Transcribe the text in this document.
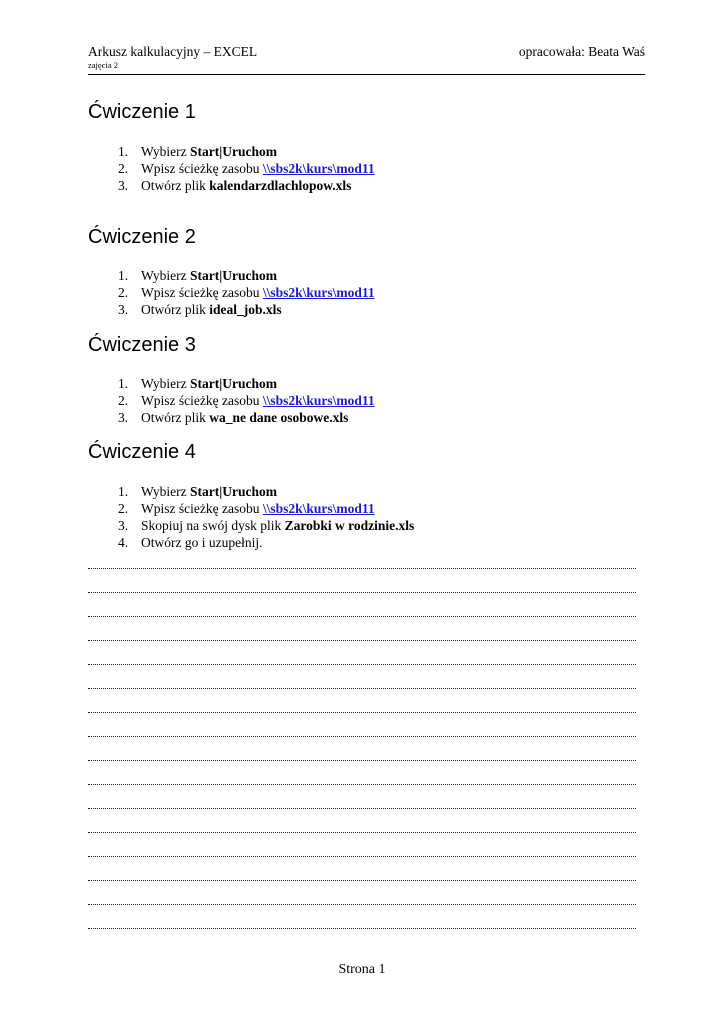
Arkusz kalkulacyjny – EXCEL
zajęcia 2
opracowała: Beata Waś
Ćwiczenie 1
1. Wybierz Start|Uruchom
2. Wpisz ścieżkę zasobu \\sbs2k\kurs\mod11
3. Otwórz plik kalendarzdlachlopow.xls
Ćwiczenie 2
1. Wybierz Start|Uruchom
2. Wpisz ścieżkę zasobu \\sbs2k\kurs\mod11
3. Otwórz plik ideal_job.xls
Ćwiczenie 3
1. Wybierz Start|Uruchom
2. Wpisz ścieżkę zasobu \\sbs2k\kurs\mod11
3. Otwórz plik wa_ne dane osobowe.xls
Ćwiczenie 4
1. Wybierz Start|Uruchom
2. Wpisz ścieżkę zasobu \\sbs2k\kurs\mod11
3. Skopiuj na swój dysk plik Zarobki w rodzinie.xls
4. Otwórz go i uzupełnij.
Strona 1
